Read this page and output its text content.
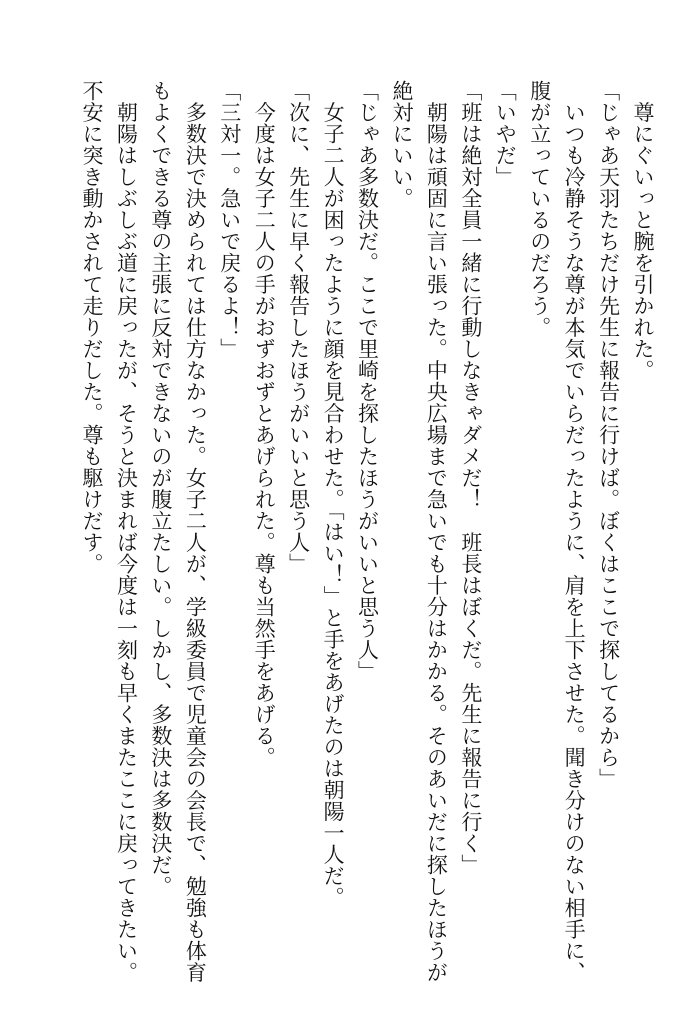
　尊にぐいっと腕を引かれた。
「じゃあ天羽たちだけ先生に報告に行けば。ぼくはここで探してるから」
　いつも冷静そうな尊が本気でいらだったように、肩を上下させた。聞き分けのない相手に、
腹が立っているのだろう。
「いやだ」
「班は絶対全員一緒に行動しなきゃダメだ！　班長はぼくだ。先生に報告に行く」
　朝陽は頑固に言い張った。中央広場まで急いでも十分はかかる。そのあいだに探したほうが
絶対にいい。
「じゃあ多数決だ。ここで里崎を探したほうがいいと思う人」
　女子二人が困ったように顔を見合わせた。「はい！」と手をあげたのは朝陽一人だ。
「次に、先生に早く報告したほうがいいと思う人」
　今度は女子二人の手がおずおずとあげられた。尊も当然手をあげる。
「三対一。急いで戻るよ！」
　多数決で決められては仕方なかった。女子二人が、学級委員で児童会の会長で、勉強も体育
もよくできる尊の主張に反対できないのが腹立たしい。しかし、多数決は多数決だ。
　朝陽はしぶしぶ道に戻ったが、そうと決まれば今度は一刻も早くまたここに戻ってきたい。
不安に突き動かされて走りだした。尊も駆けだす。
